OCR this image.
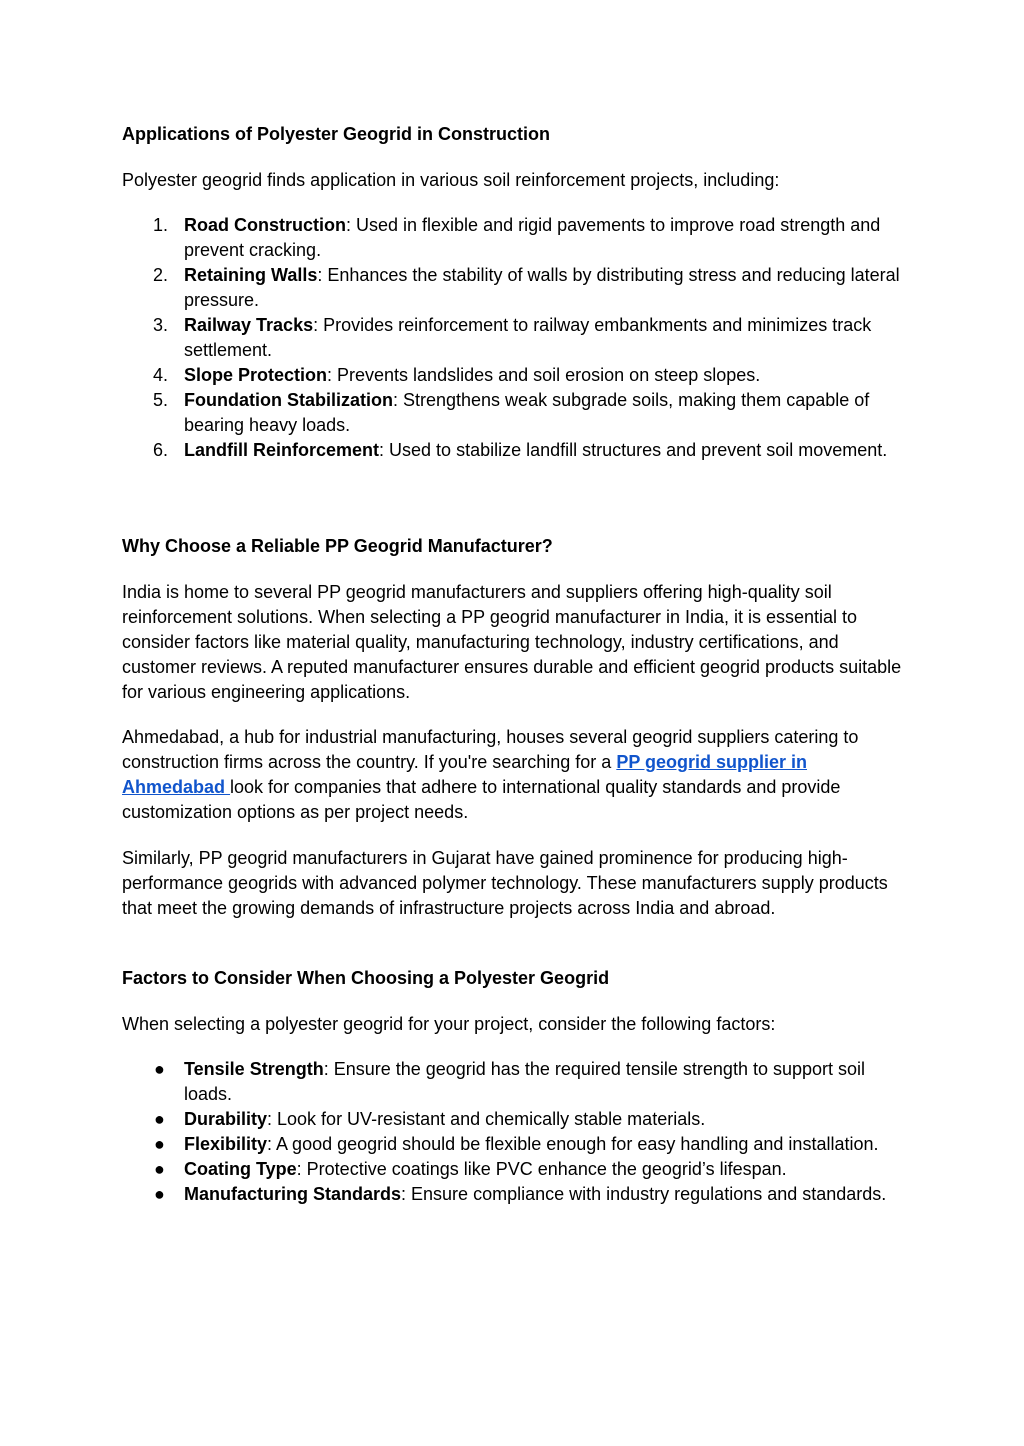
Applications of Polyester Geogrid in Construction

Polyester geogrid finds application in various soil reinforcement projects, including:

1. Road Construction: Used in flexible and rigid pavements to improve road strength and prevent cracking.
2. Retaining Walls: Enhances the stability of walls by distributing stress and reducing lateral pressure.
3. Railway Tracks: Provides reinforcement to railway embankments and minimizes track settlement.
4. Slope Protection: Prevents landslides and soil erosion on steep slopes.
5. Foundation Stabilization: Strengthens weak subgrade soils, making them capable of bearing heavy loads.
6. Landfill Reinforcement: Used to stabilize landfill structures and prevent soil movement.
Why Choose a Reliable PP Geogrid Manufacturer?

India is home to several PP geogrid manufacturers and suppliers offering high-quality soil reinforcement solutions. When selecting a PP geogrid manufacturer in India, it is essential to consider factors like material quality, manufacturing technology, industry certifications, and customer reviews. A reputed manufacturer ensures durable and efficient geogrid products suitable for various engineering applications.

Ahmedabad, a hub for industrial manufacturing, houses several geogrid suppliers catering to construction firms across the country. If you're searching for a PP geogrid supplier in Ahmedabad look for companies that adhere to international quality standards and provide customization options as per project needs.

Similarly, PP geogrid manufacturers in Gujarat have gained prominence for producing high-performance geogrids with advanced polymer technology. These manufacturers supply products that meet the growing demands of infrastructure projects across India and abroad.

Factors to Consider When Choosing a Polyester Geogrid

When selecting a polyester geogrid for your project, consider the following factors:

● Tensile Strength: Ensure the geogrid has the required tensile strength to support soil loads.
● Durability: Look for UV-resistant and chemically stable materials.
● Flexibility: A good geogrid should be flexible enough for easy handling and installation.
● Coating Type: Protective coatings like PVC enhance the geogrid’s lifespan.
● Manufacturing Standards: Ensure compliance with industry regulations and standards.
